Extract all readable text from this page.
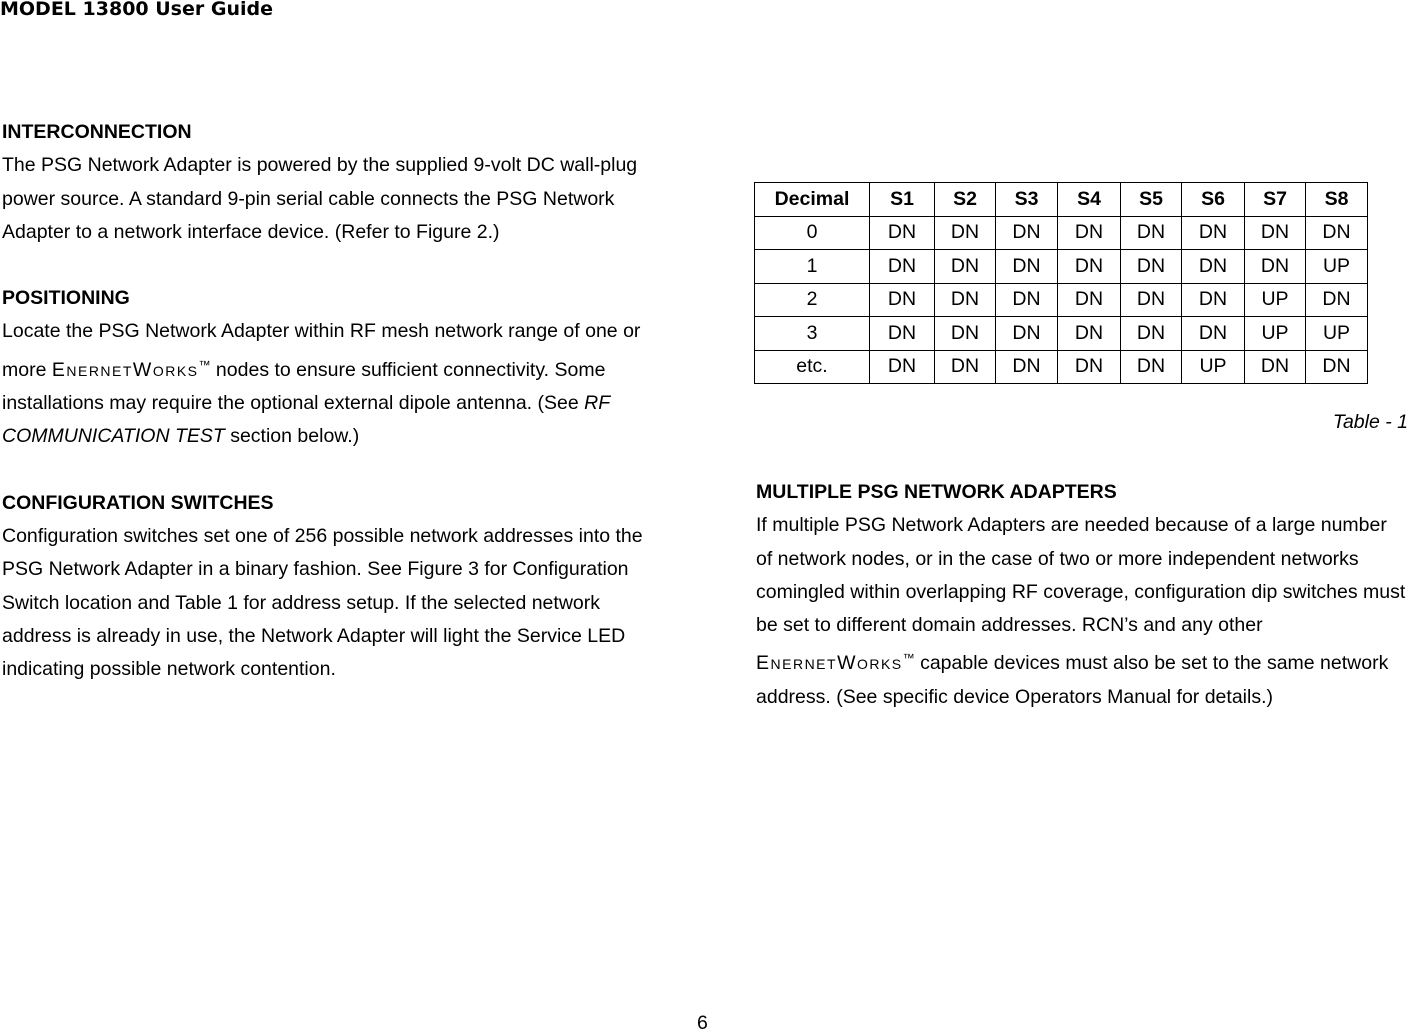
MODEL 13800 User Guide
INTERCONNECTION
The PSG Network Adapter is powered by the supplied 9-volt DC wall-plug power source. A standard 9-pin serial cable connects the PSG Network Adapter to a network interface device. (Refer to Figure 2.)
POSITIONING
Locate the PSG Network Adapter within RF mesh network range of one or more EnernetWorks™ nodes to ensure sufficient connectivity. Some installations may require the optional external dipole antenna. (See RF COMMUNICATION TEST section below.)
CONFIGURATION SWITCHES
Configuration switches set one of 256 possible network addresses into the PSG Network Adapter in a binary fashion. See Figure 3 for Configuration Switch location and Table 1 for address setup. If the selected network address is already in use, the Network Adapter will light the Service LED indicating possible network contention.
Decimal	S1	S2	S3	S4	S5	S6	S7	S8
0	DN	DN	DN	DN	DN	DN	DN	DN
1	DN	DN	DN	DN	DN	DN	DN	UP
2	DN	DN	DN	DN	DN	DN	UP	DN
3	DN	DN	DN	DN	DN	DN	UP	UP
etc.	DN	DN	DN	DN	DN	UP	DN	DN
Table - 1
MULTIPLE PSG NETWORK ADAPTERS
If multiple PSG Network Adapters are needed because of a large number of network nodes, or in the case of two or more independent networks comingled within overlapping RF coverage, configuration dip switches must be set to different domain addresses. RCN’s and any other EnernetWorks™ capable devices must also be set to the same network address. (See specific device Operators Manual for details.)
6
